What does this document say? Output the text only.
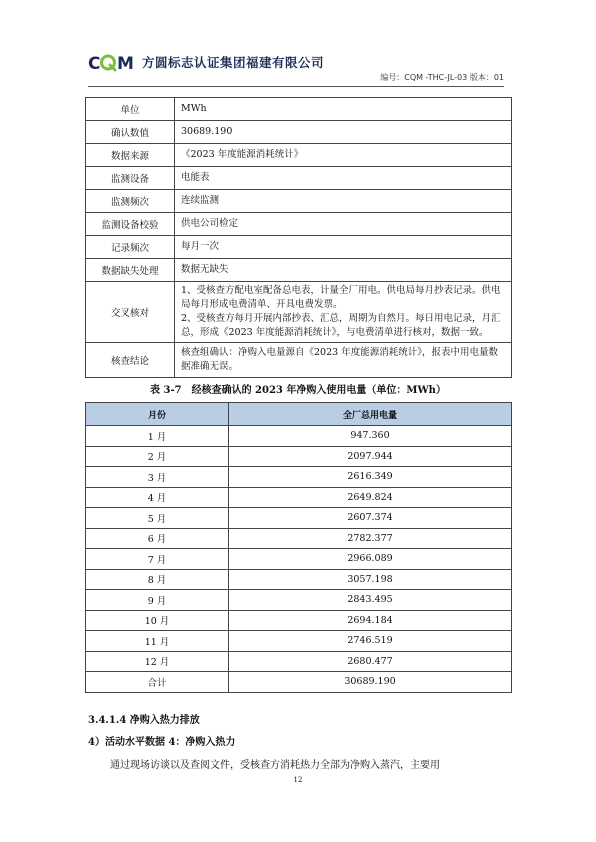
C M 方圆标志认证集团福建有限公司
编号：CQM -THC-JL-03 版本：01
单位	MWh
确认数值	30689.190
数据来源	《2023 年度能源消耗统计》
监测设备	电能表
监测频次	连续监测
监测设备校验	供电公司检定
记录频次	每月一次
数据缺失处理	数据无缺失
交叉核对	1、受核查方配电室配备总电表，计量全厂用电。供电局每月抄表记录。供电局每月形成电费清单、开具电费发票。
2、受核查方每月开展内部抄表、汇总，周期为自然月。每日用电记录，月汇总，形成《2023 年度能源消耗统计》，与电费清单进行核对，数据一致。

核查结论	核查组确认：净购入电量源自《2023 年度能源消耗统计》，报表中用电量数据准确无误。
表 3-7　经核查确认的 2023 年净购入使用电量（单位：MWh）
月份	全厂总用电量
1 月	947.360
2 月	2097.944
3 月	2616.349
4 月	2649.824
5 月	2607.374
6 月	2782.377
7 月	2966.089
8 月	3057.198
9 月	2843.495
10 月	2694.184
11 月	2746.519
12 月	2680.477
合计	30689.190
3.4.1.4 净购入热力排放
4）活动水平数据 4：净购入热力
通过现场访谈以及查阅文件，受核查方消耗热力全部为净购入蒸汽，主要用
12
